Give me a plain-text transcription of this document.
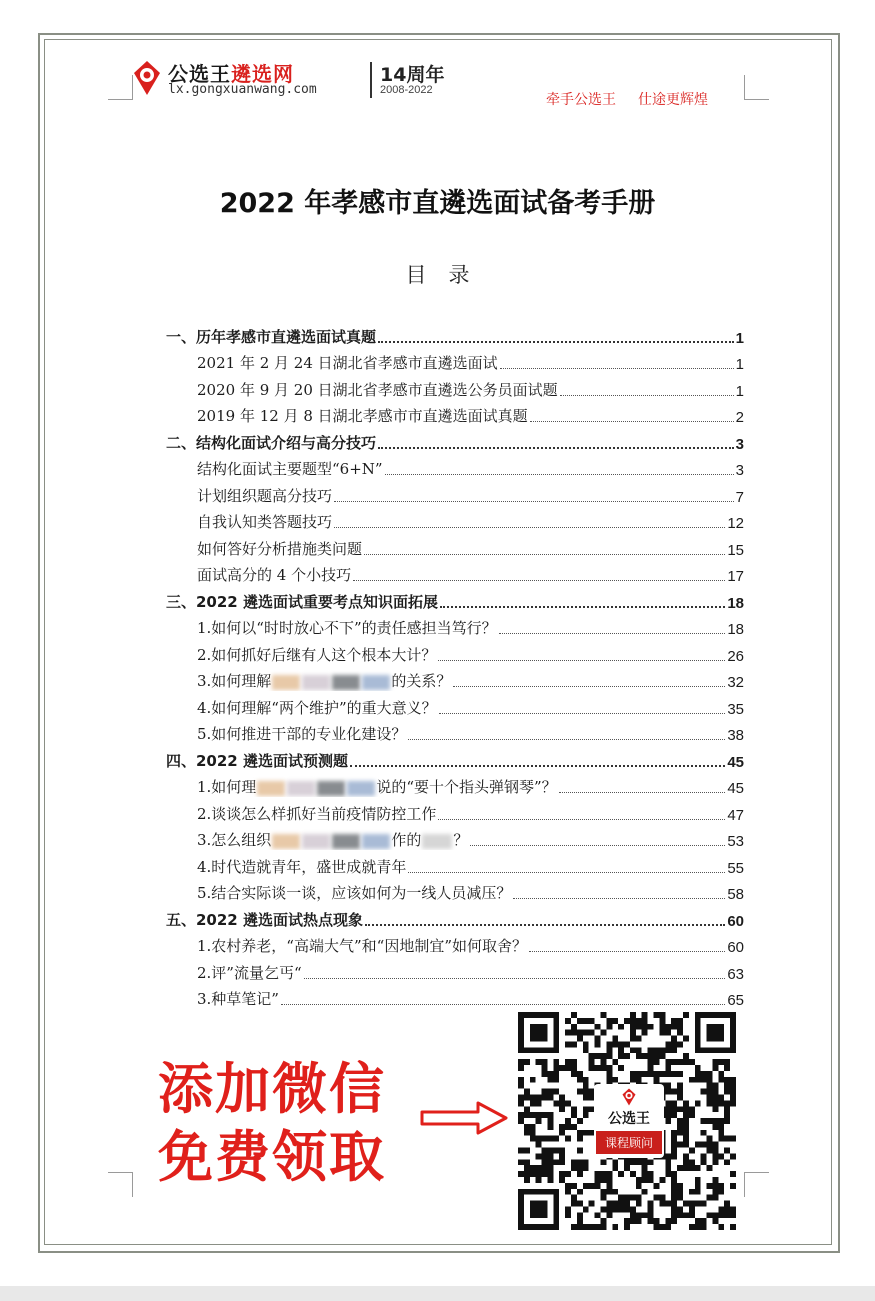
公选王遴选网
lx.gongxuanwang.com
14周年
2008-2022
牵手公选王 仕途更辉煌
2022 年孝感市直遴选面试备考手册
目录
一、历年孝感市直遴选面试真题	1
2021 年 2 月 24 日湖北省孝感市直遴选面试	1
2020 年 9 月 20 日湖北省孝感市直遴选公务员面试题	1
2019 年 12 月 8 日湖北孝感市市直遴选面试真题	2
二、结构化面试介绍与高分技巧	3
结构化面试主要题型“6+N”	3
计划组织题高分技巧	7
自我认知类答题技巧	12
如何答好分析措施类问题	15
面试高分的 4 个小技巧	17
三、2022 遴选面试重要考点知识面拓展	18
1.如何以“时时放心不下”的责任感担当笃行？	18
2.如何抓好后继有人这个根本大计？	26
3.如何理解	的关系？	32
4.如何理解“两个维护”的重大意义？	35
5.如何推进干部的专业化建设？	38
四、2022 遴选面试预测题	45
1.如何理	说的“要十个指头弹钢琴”？	45
2.谈谈怎么样抓好当前疫情防控工作	47
3.怎么组织	作的 ？	53
4.时代造就青年，盛世成就青年	55
5.结合实际谈一谈，应该如何为一线人员减压？	58
五、2022 遴选面试热点现象	60
1.农村养老，“高端大气”和“因地制宜”如何取舍？	60
2.评”流量乞丐“	63
3.种草笔记”	65
添加微信
免费领取
公选王
课程顾问
